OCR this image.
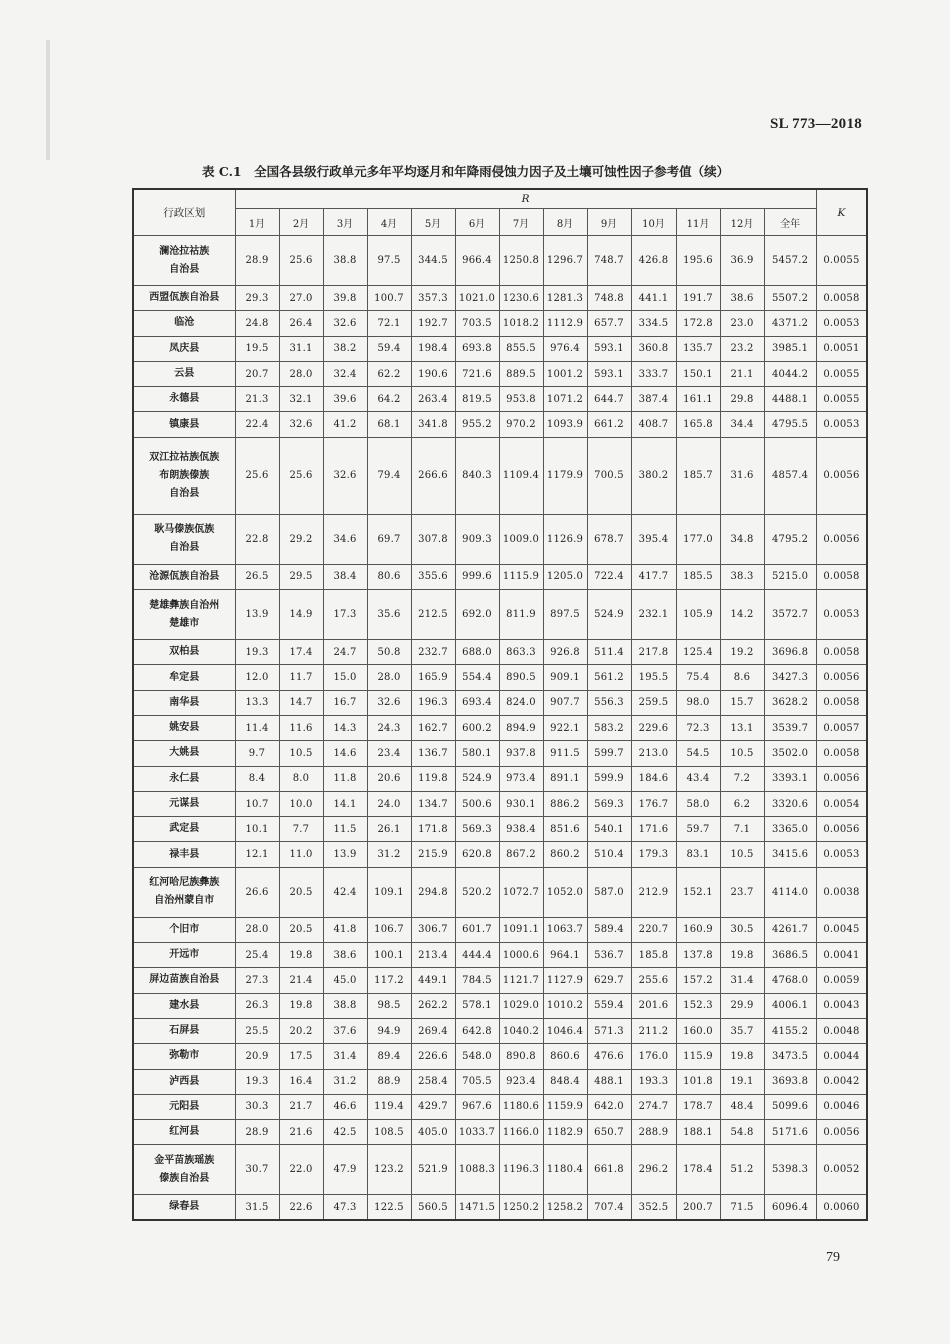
SL 773—2018
表 C.1　全国各县级行政单元多年平均逐月和年降雨侵蚀力因子及土壤可蚀性因子参考值（续）
行政区划	R													K
	1月	2月	3月	4月	5月	6月	7月	8月	9月	10月	11月	12月	全年	
澜沧拉祜族
自治县	28.9	25.6	38.8	97.5	344.5	966.4	1250.8	1296.7	748.7	426.8	195.6	36.9	5457.2	0.0055
西盟佤族自治县	29.3	27.0	39.8	100.7	357.3	1021.0	1230.6	1281.3	748.8	441.1	191.7	38.6	5507.2	0.0058
临沧	24.8	26.4	32.6	72.1	192.7	703.5	1018.2	1112.9	657.7	334.5	172.8	23.0	4371.2	0.0053
凤庆县	19.5	31.1	38.2	59.4	198.4	693.8	855.5	976.4	593.1	360.8	135.7	23.2	3985.1	0.0051
云县	20.7	28.0	32.4	62.2	190.6	721.6	889.5	1001.2	593.1	333.7	150.1	21.1	4044.2	0.0055
永德县	21.3	32.1	39.6	64.2	263.4	819.5	953.8	1071.2	644.7	387.4	161.1	29.8	4488.1	0.0055
镇康县	22.4	32.6	41.2	68.1	341.8	955.2	970.2	1093.9	661.2	408.7	165.8	34.4	4795.5	0.0053
双江拉祜族佤族
布朗族傣族
自治县	25.6	25.6	32.6	79.4	266.6	840.3	1109.4	1179.9	700.5	380.2	185.7	31.6	4857.4	0.0056
耿马傣族佤族
自治县	22.8	29.2	34.6	69.7	307.8	909.3	1009.0	1126.9	678.7	395.4	177.0	34.8	4795.2	0.0056
沧源佤族自治县	26.5	29.5	38.4	80.6	355.6	999.6	1115.9	1205.0	722.4	417.7	185.5	38.3	5215.0	0.0058
楚雄彝族自治州
楚雄市	13.9	14.9	17.3	35.6	212.5	692.0	811.9	897.5	524.9	232.1	105.9	14.2	3572.7	0.0053
双柏县	19.3	17.4	24.7	50.8	232.7	688.0	863.3	926.8	511.4	217.8	125.4	19.2	3696.8	0.0058
牟定县	12.0	11.7	15.0	28.0	165.9	554.4	890.5	909.1	561.2	195.5	75.4	8.6	3427.3	0.0056
南华县	13.3	14.7	16.7	32.6	196.3	693.4	824.0	907.7	556.3	259.5	98.0	15.7	3628.2	0.0058
姚安县	11.4	11.6	14.3	24.3	162.7	600.2	894.9	922.1	583.2	229.6	72.3	13.1	3539.7	0.0057
大姚县	9.7	10.5	14.6	23.4	136.7	580.1	937.8	911.5	599.7	213.0	54.5	10.5	3502.0	0.0058
永仁县	8.4	8.0	11.8	20.6	119.8	524.9	973.4	891.1	599.9	184.6	43.4	7.2	3393.1	0.0056
元谋县	10.7	10.0	14.1	24.0	134.7	500.6	930.1	886.2	569.3	176.7	58.0	6.2	3320.6	0.0054
武定县	10.1	7.7	11.5	26.1	171.8	569.3	938.4	851.6	540.1	171.6	59.7	7.1	3365.0	0.0056
禄丰县	12.1	11.0	13.9	31.2	215.9	620.8	867.2	860.2	510.4	179.3	83.1	10.5	3415.6	0.0053
红河哈尼族彝族
自治州蒙自市	26.6	20.5	42.4	109.1	294.8	520.2	1072.7	1052.0	587.0	212.9	152.1	23.7	4114.0	0.0038
个旧市	28.0	20.5	41.8	106.7	306.7	601.7	1091.1	1063.7	589.4	220.7	160.9	30.5	4261.7	0.0045
开远市	25.4	19.8	38.6	100.1	213.4	444.4	1000.6	964.1	536.7	185.8	137.8	19.8	3686.5	0.0041
屏边苗族自治县	27.3	21.4	45.0	117.2	449.1	784.5	1121.7	1127.9	629.7	255.6	157.2	31.4	4768.0	0.0059
建水县	26.3	19.8	38.8	98.5	262.2	578.1	1029.0	1010.2	559.4	201.6	152.3	29.9	4006.1	0.0043
石屏县	25.5	20.2	37.6	94.9	269.4	642.8	1040.2	1046.4	571.3	211.2	160.0	35.7	4155.2	0.0048
弥勒市	20.9	17.5	31.4	89.4	226.6	548.0	890.8	860.6	476.6	176.0	115.9	19.8	3473.5	0.0044
泸西县	19.3	16.4	31.2	88.9	258.4	705.5	923.4	848.4	488.1	193.3	101.8	19.1	3693.8	0.0042
元阳县	30.3	21.7	46.6	119.4	429.7	967.6	1180.6	1159.9	642.0	274.7	178.7	48.4	5099.6	0.0046
红河县	28.9	21.6	42.5	108.5	405.0	1033.7	1166.0	1182.9	650.7	288.9	188.1	54.8	5171.6	0.0056
金平苗族瑶族
傣族自治县	30.7	22.0	47.9	123.2	521.9	1088.3	1196.3	1180.4	661.8	296.2	178.4	51.2	5398.3	0.0052
绿春县	31.5	22.6	47.3	122.5	560.5	1471.5	1250.2	1258.2	707.4	352.5	200.7	71.5	6096.4	0.0060
79
